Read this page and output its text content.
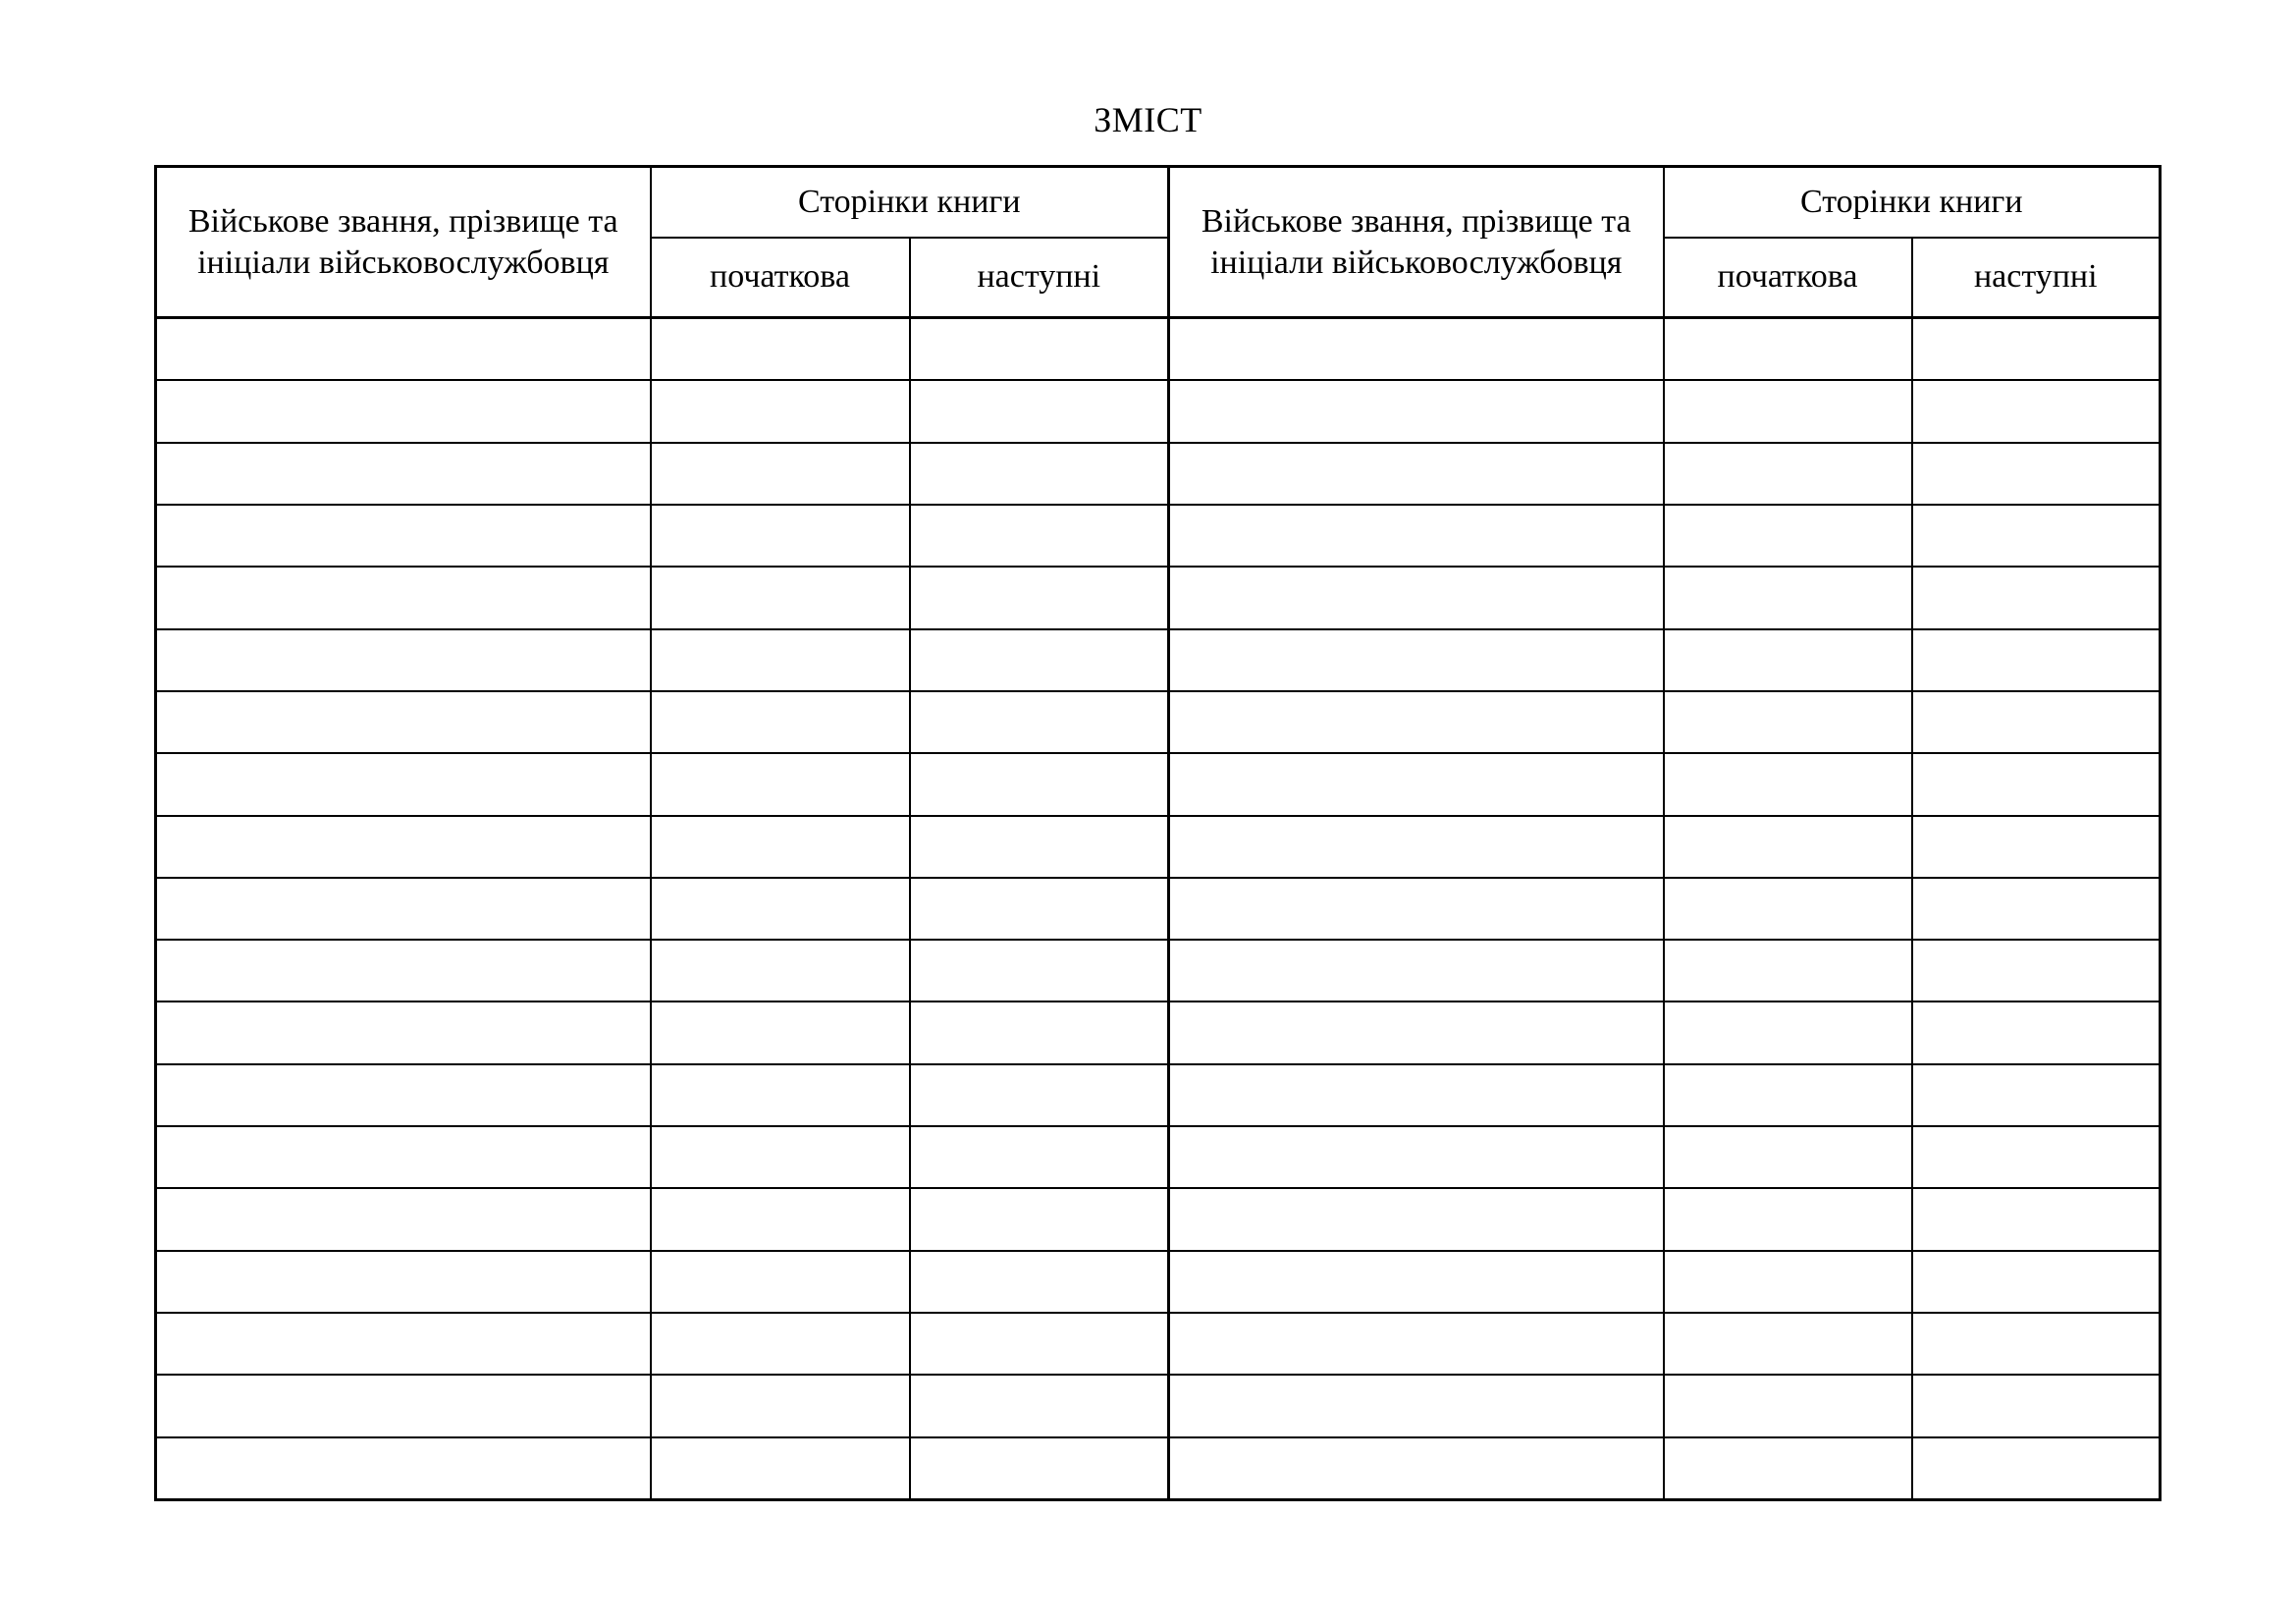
ЗМІСТ
Військове звання, прізвище та ініціали військовослужбовця	Сторінки книги		Військове звання, прізвище та ініціали військовослужбовця	Сторінки книги	
	початкова	наступні		початкова	наступні
